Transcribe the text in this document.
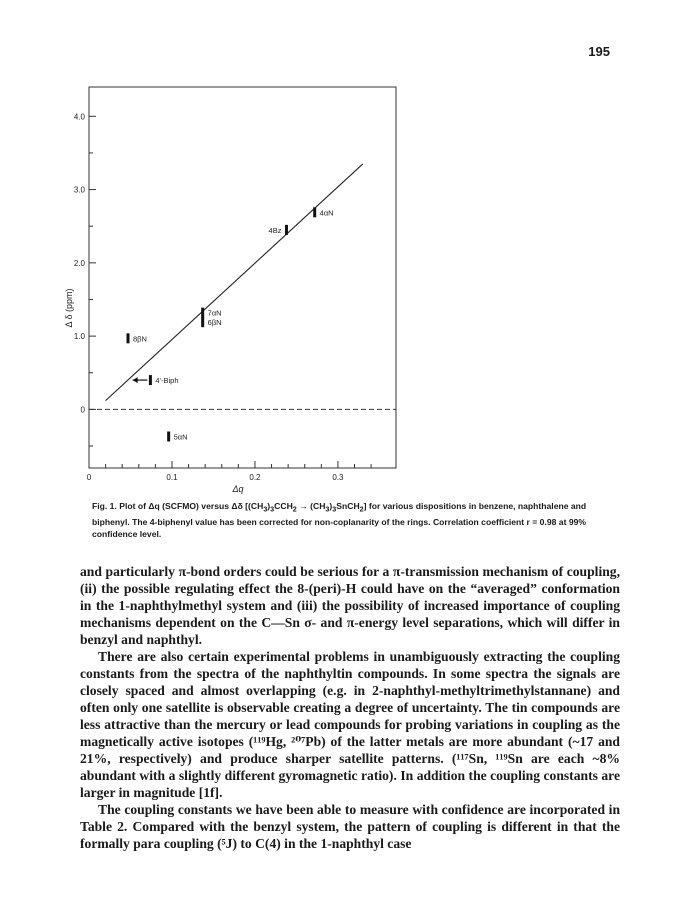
195
0
1.0
2.0
3.0
4.0
0	0.1	0.2	0.3
4αN
4Bz
7αN
6βN
8βN
4'-Biph
5αN
Δ δ (ppm)
Δq
Fig. 1. Plot of Δq (SCFMO) versus Δδ [$(CH_3)_3CCH_2$ → $(CH_3)_3SnCH_2$] for various dispositions in benzene, naphthalene and biphenyl. The 4-biphenyl value has been corrected for non-coplanarity of the rings. Correlation coefficient r = 0.98 at 99% confidence level.

and particularly π-bond orders could be serious for a π-transmission mechanism of coupling, (ii) the possible regulating effect the 8-(peri)-H could have on the “averaged” conformation in the 1-naphthylmethyl system and (iii) the possibility of increased importance of coupling mechanisms dependent on the C—Sn σ- and π-energy level separations, which will differ in benzyl and naphthyl.

There are also certain experimental problems in unambiguously extracting the coupling constants from the spectra of the naphthyltin compounds. In some spectra the signals are closely spaced and almost overlapping (e.g. in 2-naphthyl-methyltrimethylstannane) and often only one satellite is observable creating a degree of uncertainty. The tin compounds are less attractive than the mercury or lead compounds for probing variations in coupling as the magnetically active isotopes (¹¹⁹Hg, ²⁰⁷Pb) of the latter metals are more abundant (~17 and 21%, respectively) and produce sharper satellite patterns. (¹¹⁷Sn, ¹¹⁹Sn are each ~8% abundant with a slightly different gyromagnetic ratio). In addition the coupling constants are larger in magnitude [1f].

The coupling constants we have been able to measure with confidence are incorporated in Table 2. Compared with the benzyl system, the pattern of coupling is different in that the formally para coupling (⁵J) to C(4) in the 1-naphthyl case
